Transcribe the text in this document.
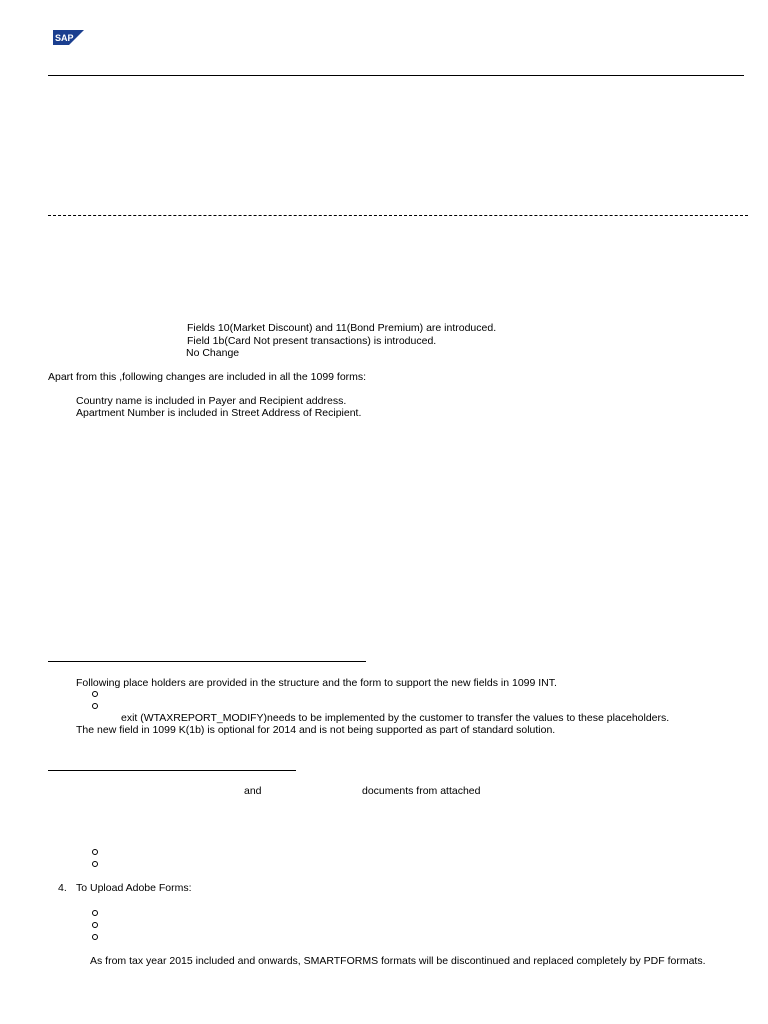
SAP
Fields 10(Market Discount) and 11(Bond Premium) are introduced.
Field 1b(Card Not present transactions) is introduced.
No Change
Apart from this ,following changes are included in all the 1099 forms:
Country name is included in Payer and Recipient address.
Apartment Number is included in Street Address of Recipient.
Following place holders are provided in the structure and the form to support the new fields in 1099 INT.
exit (WTAXREPORT_MODIFY)needs to be implemented by the customer to transfer the values to these placeholders.
The new field in 1099 K(1b) is optional for 2014 and is not being supported as part of standard solution.
and	documents from attached
4. To Upload Adobe Forms:
As from tax year 2015 included and onwards, SMARTFORMS formats will be discontinued and replaced completely by PDF formats.
